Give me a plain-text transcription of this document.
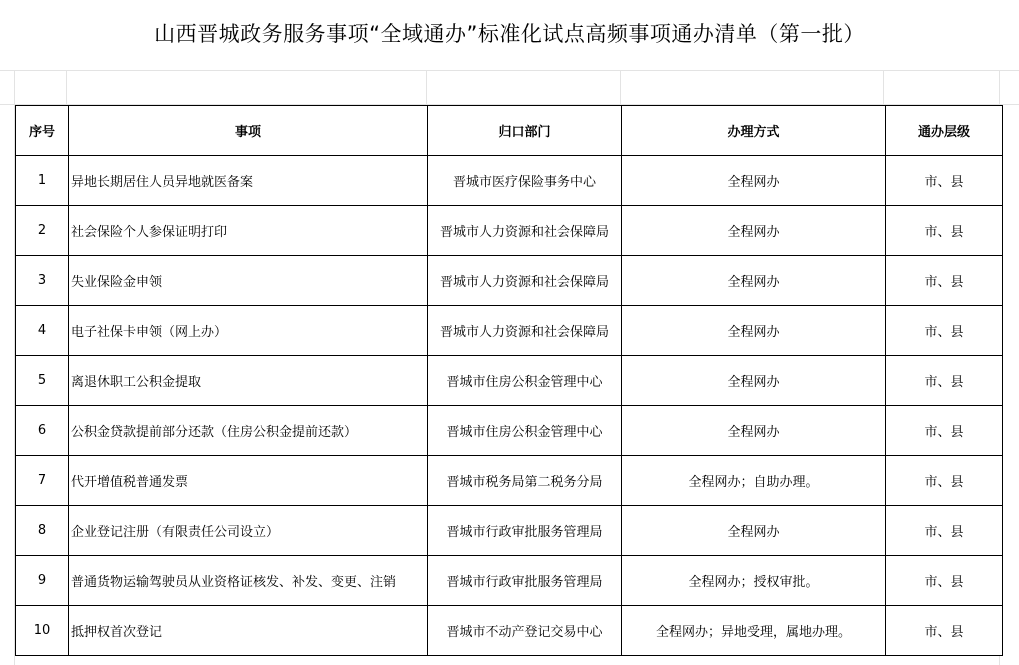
山西晋城政务服务事项“全域通办”标准化试点高频事项通办清单（第一批）
序号	事项	归口部门	办理方式	通办层级
1	异地长期居住人员异地就医备案	晋城市医疗保险事务中心	全程网办	市、县
2	社会保险个人参保证明打印	晋城市人力资源和社会保障局	全程网办	市、县
3	失业保险金申领	晋城市人力资源和社会保障局	全程网办	市、县
4	电子社保卡申领（网上办）	晋城市人力资源和社会保障局	全程网办	市、县
5	离退休职工公积金提取	晋城市住房公积金管理中心	全程网办	市、县
6	公积金贷款提前部分还款（住房公积金提前还款）	晋城市住房公积金管理中心	全程网办	市、县
7	代开增值税普通发票	晋城市税务局第二税务分局	全程网办；自助办理。	市、县
8	企业登记注册（有限责任公司设立）	晋城市行政审批服务管理局	全程网办	市、县
9	普通货物运输驾驶员从业资格证核发、补发、变更、注销	晋城市行政审批服务管理局	全程网办；授权审批。	市、县
10	抵押权首次登记	晋城市不动产登记交易中心	全程网办；异地受理，属地办理。	市、县
